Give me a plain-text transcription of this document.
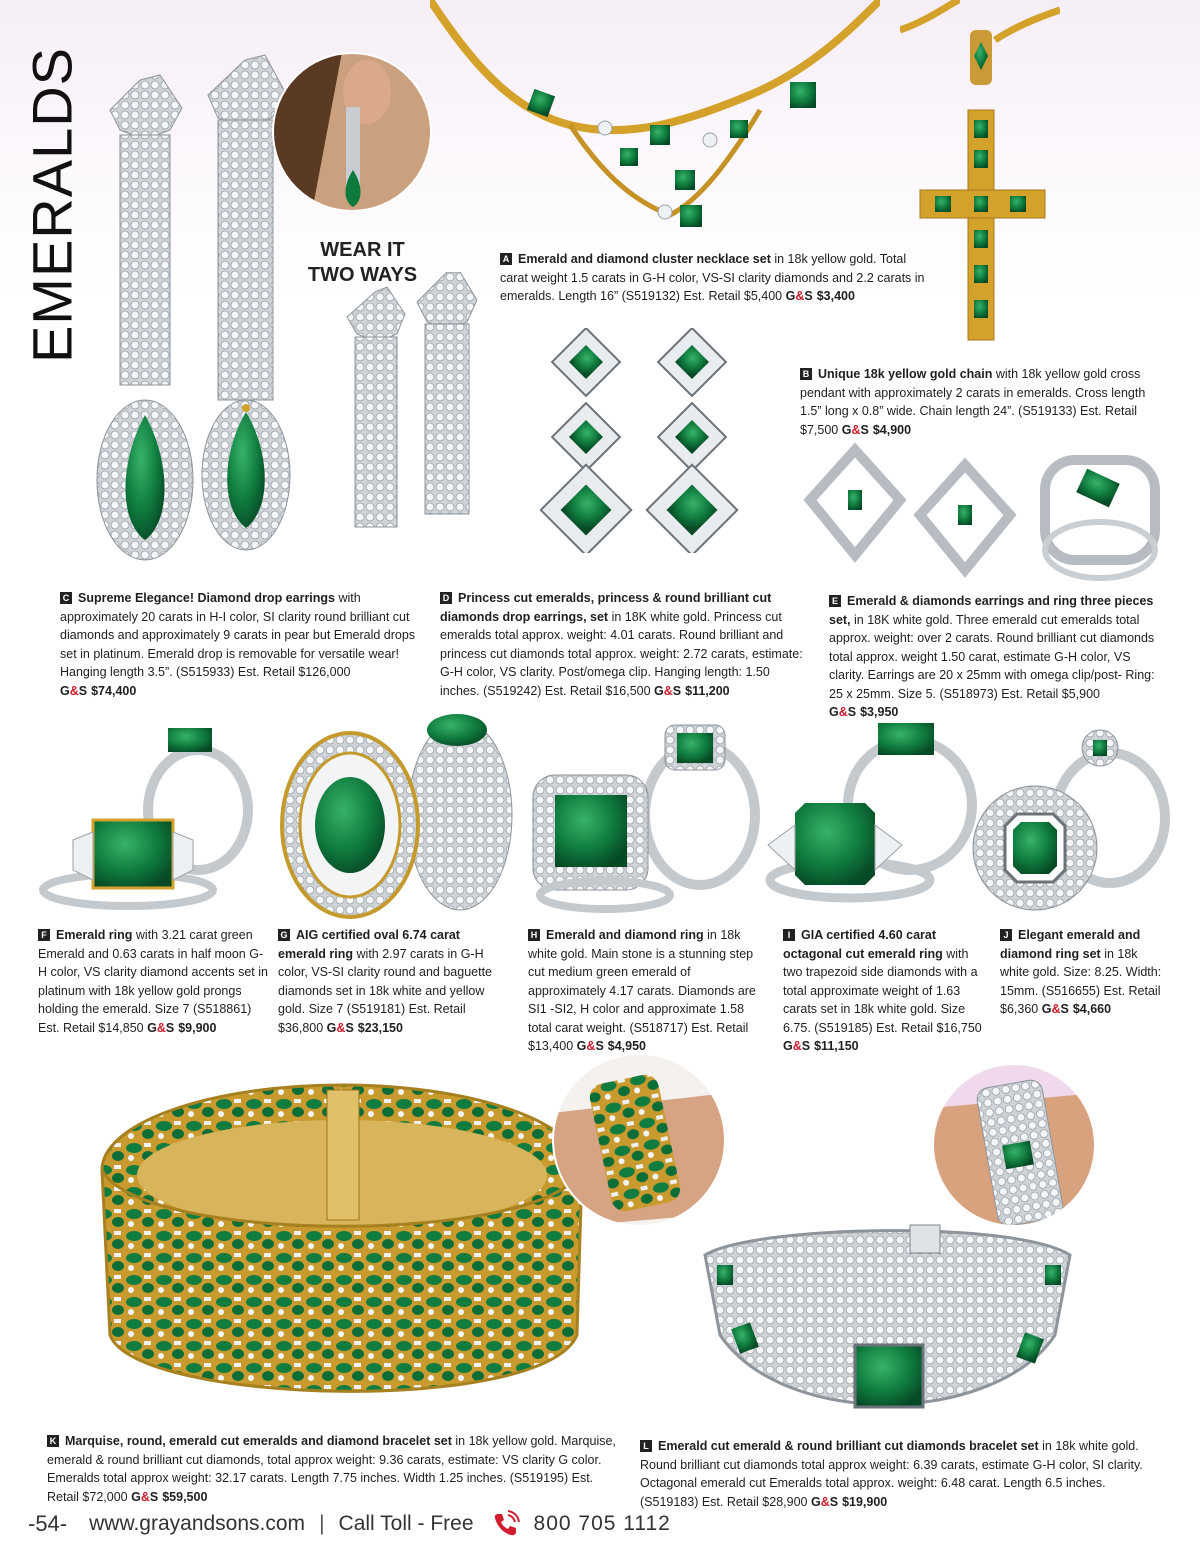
EMERALDS	WEAR IT
TWO WAYS
A Emerald and diamond cluster necklace set in 18k yellow gold. Total carat weight 1.5 carats in G-H color, VS-SI clarity diamonds and 2.2 carats in emeralds. Length 16” (S519132) Est. Retail $5,400 G&S $3,400
B Unique 18k yellow gold chain with 18k yellow gold cross pendant with approximately 2 carats in emeralds. Cross length 1.5” long x 0.8” wide. Chain length 24”. (S519133) Est. Retail $7,500 G&S $4,900
C Supreme Elegance! Diamond drop earrings with approximately 20 carats in H-I color, SI clarity round brilliant cut diamonds and approximately 9 carats in pear but Emerald drops set in platinum. Emerald drop is removable for versatile wear! Hanging length 3.5”. (S515933) Est. Retail $126,000 G&S $74,400
D Princess cut emeralds, princess & round brilliant cut diamonds drop earrings, set in 18K white gold. Princess cut emeralds total approx. weight: 4.01 carats. Round brilliant and princess cut diamonds total approx. weight: 2.72 carats, estimate: G-H color, VS clarity. Post/omega clip. Hanging length: 1.50 inches. (S519242) Est. Retail $16,500 G&S $11,200
E Emerald & diamonds earrings and ring three pieces set, in 18K white gold. Three emerald cut emeralds total approx. weight: over 2 carats. Round brilliant cut diamonds total approx. weight 1.50 carat, estimate G-H color, VS clarity. Earrings are 20 x 25mm with omega clip/post- Ring: 25 x 25mm. Size 5. (S518973) Est. Retail $5,900 G&S $3,950
F Emerald ring with 3.21 carat green Emerald and 0.63 carats in half moon G-H color, VS clarity diamond accents set in platinum with 18k yellow gold prongs holding the emerald. Size 7 (S518861) Est. Retail $14,850 G&S $9,900
G AIG certified oval 6.74 carat emerald ring with 2.97 carats in G-H color, VS-SI clarity round and baguette diamonds set in 18k white and yellow gold. Size 7 (S519181) Est. Retail $36,800 G&S $23,150
H Emerald and diamond ring in 18k white gold. Main stone is a stunning step cut medium green emerald of approximately 4.17 carats. Diamonds are SI1 -SI2, H color and approximate 1.58 total carat weight. (S518717) Est. Retail $13,400 G&S $4,950
I GIA certified 4.60 carat octagonal cut emerald ring with two trapezoid side diamonds with a total approximate weight of 1.63 carats set in 18k white gold. Size 6.75. (S519185) Est. Retail $16,750 G&S $11,150
J Elegant emerald and diamond ring set in 18k white gold. Size: 8.25. Width: 15mm. (S516655) Est. Retail $6,360 G&S $4,660
K Marquise, round, emerald cut emeralds and diamond bracelet set in 18k yellow gold. Marquise, emerald & round brilliant cut diamonds, total approx weight: 9.36 carats, estimate: VS clarity G color. Emeralds total approx weight: 32.17 carats. Length 7.75 inches. Width 1.25 inches. (S519195) Est. Retail $72,000 G&S $59,500
L Emerald cut emerald & round brilliant cut diamonds bracelet set in 18k white gold. Round brilliant cut diamonds total approx weight: 6.39 carats, estimate G-H color, SI clarity. Octagonal emerald cut Emeralds total approx. weight: 6.48 carat. Length 6.5 inches. (S519183) Est. Retail $28,900 G&S $19,900
-54- www.grayandsons.com | Call Toll - Free	800 705 1112
